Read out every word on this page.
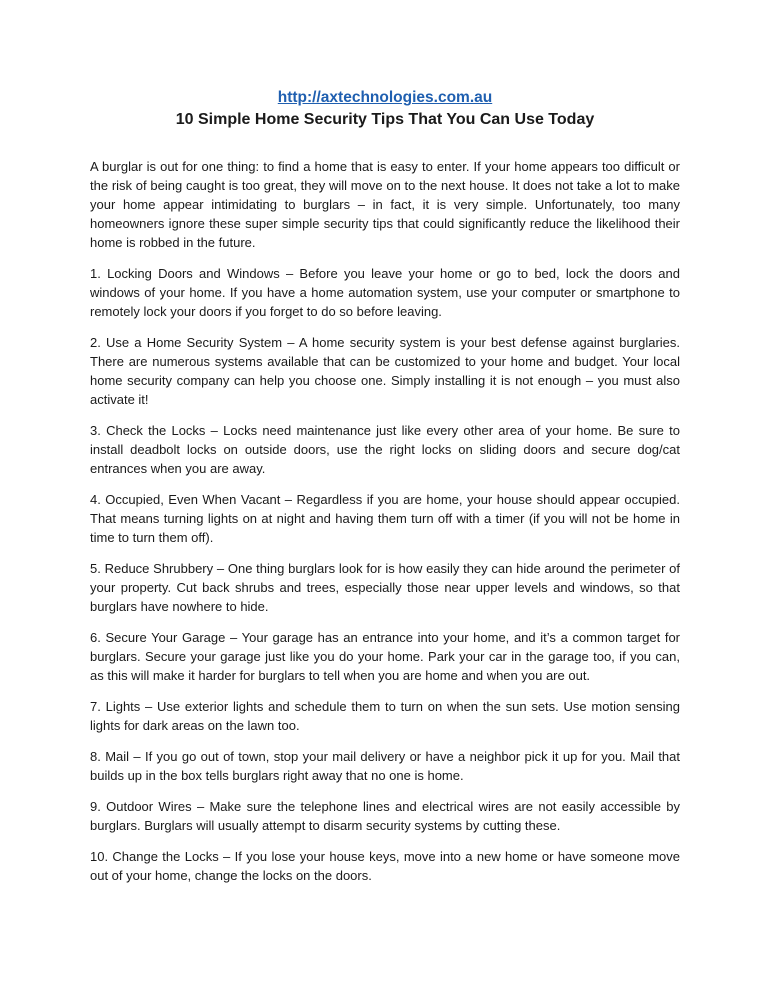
http://axtechnologies.com.au
10 Simple Home Security Tips That You Can Use Today

A burglar is out for one thing: to find a home that is easy to enter. If your home appears too difficult or the risk of being caught is too great, they will move on to the next house. It does not take a lot to make your home appear intimidating to burglars – in fact, it is very simple. Unfortunately, too many homeowners ignore these super simple security tips that could significantly reduce the likelihood their home is robbed in the future.

1. Locking Doors and Windows – Before you leave your home or go to bed, lock the doors and windows of your home. If you have a home automation system, use your computer or smartphone to remotely lock your doors if you forget to do so before leaving.

2. Use a Home Security System – A home security system is your best defense against burglaries. There are numerous systems available that can be customized to your home and budget. Your local home security company can help you choose one. Simply installing it is not enough – you must also activate it!

3. Check the Locks – Locks need maintenance just like every other area of your home. Be sure to install deadbolt locks on outside doors, use the right locks on sliding doors and secure dog/cat entrances when you are away.

4. Occupied, Even When Vacant – Regardless if you are home, your house should appear occupied. That means turning lights on at night and having them turn off with a timer (if you will not be home in time to turn them off).

5. Reduce Shrubbery – One thing burglars look for is how easily they can hide around the perimeter of your property. Cut back shrubs and trees, especially those near upper levels and windows, so that burglars have nowhere to hide.

6. Secure Your Garage – Your garage has an entrance into your home, and it’s a common target for burglars. Secure your garage just like you do your home. Park your car in the garage too, if you can, as this will make it harder for burglars to tell when you are home and when you are out.

7. Lights – Use exterior lights and schedule them to turn on when the sun sets. Use motion sensing lights for dark areas on the lawn too.

8. Mail – If you go out of town, stop your mail delivery or have a neighbor pick it up for you. Mail that builds up in the box tells burglars right away that no one is home.

9. Outdoor Wires – Make sure the telephone lines and electrical wires are not easily accessible by burglars. Burglars will usually attempt to disarm security systems by cutting these.

10. Change the Locks – If you lose your house keys, move into a new home or have someone move out of your home, change the locks on the doors.
